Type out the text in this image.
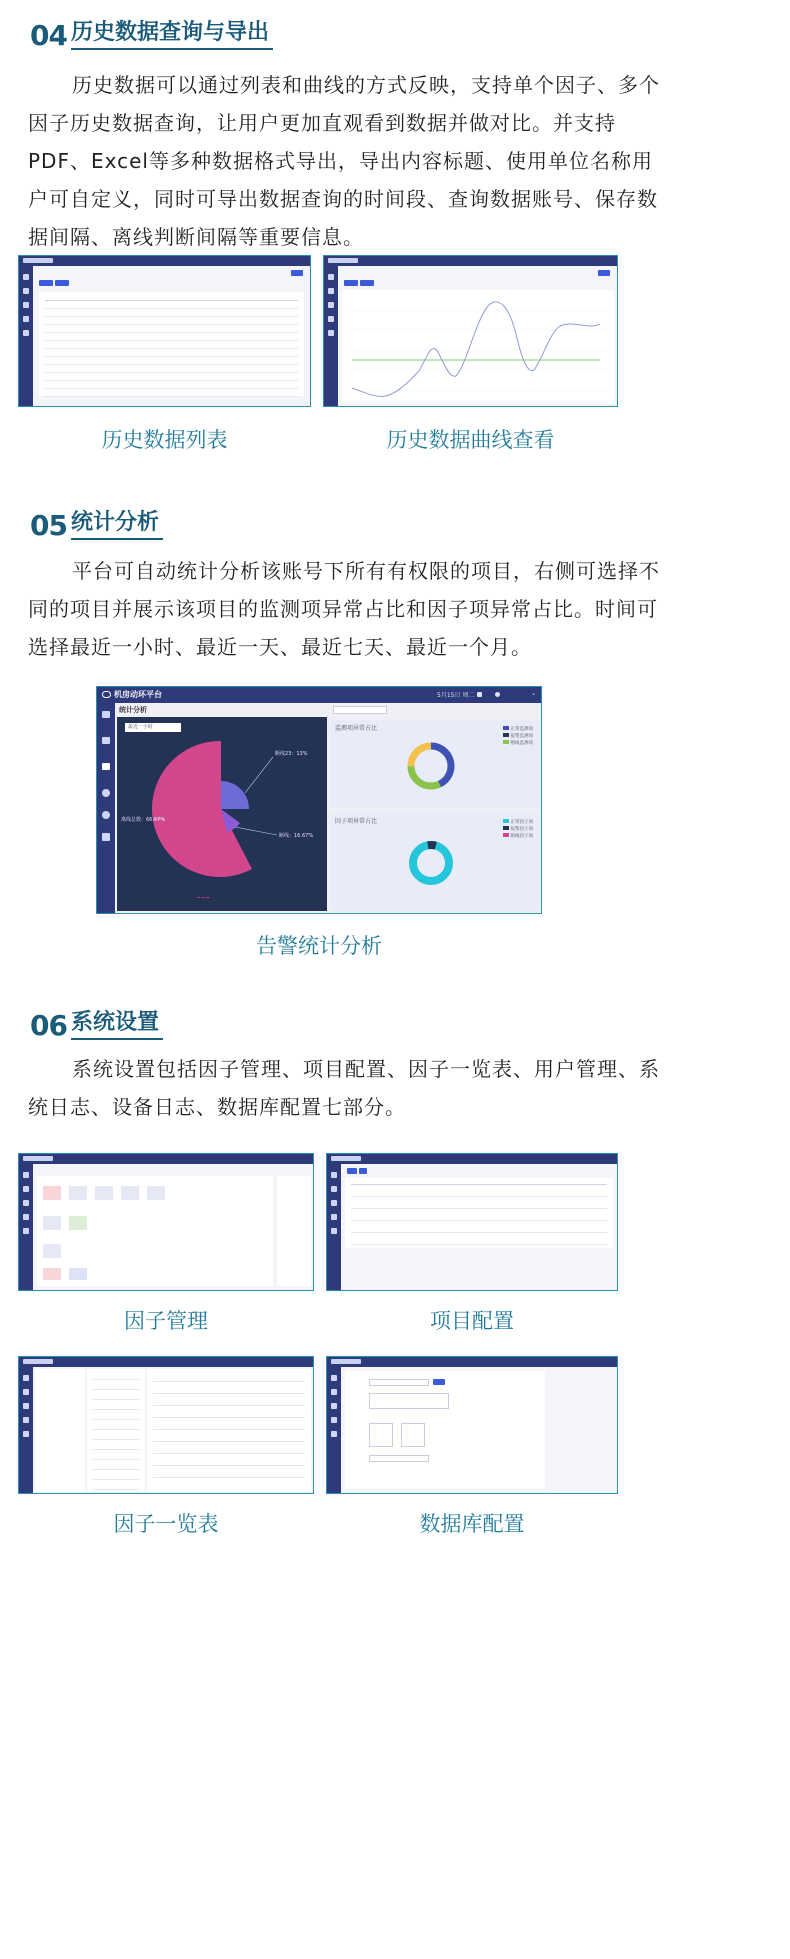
04 历史数据查询与导出
历史数据可以通过列表和曲线的方式反映，支持单个因子、多个
因子历史数据查询，让用户更加直观看到数据并做对比。并支持
PDF、Excel等多种数据格式导出，导出内容标题、使用单位名称用
户可自定义，同时可导出数据查询的时间段、查询数据账号、保存数
据间隔、离线判断间隔等重要信息。
历史数据列表	历史数据曲线查看
05 统计分析
平台可自动统计分析该账号下所有有权限的项目，右侧可选择不
同的项目并展示该项目的监测项异常占比和因子项异常占比。时间可
选择最近一小时、最近一天、最近七天、最近一个月。
机房动环平台	5月15日 周二	⌄
统计分析
最近一小时
断线23：13%
断线：16.67%
离线总数：66.67%
━ ━ ━
监测项异常占比	正常监测项
报警监测项
断线监测项
因子项异常占比	正常因子项
报警因子项
断线因子项
告警统计分析
06 系统设置
系统设置包括因子管理、项目配置、因子一览表、用户管理、系
统日志、设备日志、数据库配置七部分。
因子管理	项目配置
因子一览表	数据库配置
